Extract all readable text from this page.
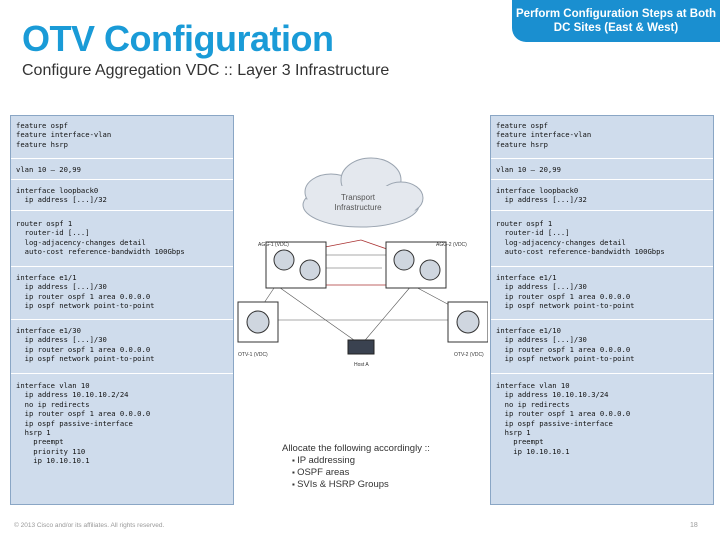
OTV Configuration
Perform Configuration Steps at Both DC Sites (East & West)
Configure Aggregation VDC :: Layer 3 Infrastructure
feature ospf
feature interface-vlan
feature hsrp
vlan 10 – 20,99
interface loopback0
ip address [...]/32
router ospf 1
router-id [...]
log-adjacency-changes detail
auto-cost reference-bandwidth 100Gbps
interface e1/1
ip address [...]/30
ip router ospf 1 area 0.0.0.0
ip ospf network point-to-point
interface e1/30
ip address [...]/30
ip router ospf 1 area 0.0.0.0
ip ospf network point-to-point
interface vlan 10
ip address 10.10.10.2/24
no ip redirects
ip router ospf 1 area 0.0.0.0
ip ospf passive-interface
hsrp 1
preempt
priority 110
ip 10.10.10.1
feature ospf
feature interface-vlan
feature hsrp
vlan 10 – 20,99
interface loopback0
ip address [...]/32
router ospf 1
router-id [...]
log-adjacency-changes detail
auto-cost reference-bandwidth 100Gbps
interface e1/1
ip address [...]/30
ip router ospf 1 area 0.0.0.0
ip ospf network point-to-point
interface e1/10
ip address [...]/30
ip router ospf 1 area 0.0.0.0
ip ospf network point-to-point
interface vlan 10
ip address 10.10.10.3/24
no ip redirects
ip router ospf 1 area 0.0.0.0
ip ospf passive-interface
hsrp 1
preempt
ip 10.10.10.1
Transport Infrastructure
AGG-1 (VDC)	AGG-2 (VDC)
OTV-1 (VDC)	OTV-2 (VDC)
Host A
Allocate the following accordingly ::
▪ IP addressing
▪ OSPF areas
▪ SVIs & HSRP Groups
© 2013 Cisco and/or its affiliates. All rights reserved.	18
